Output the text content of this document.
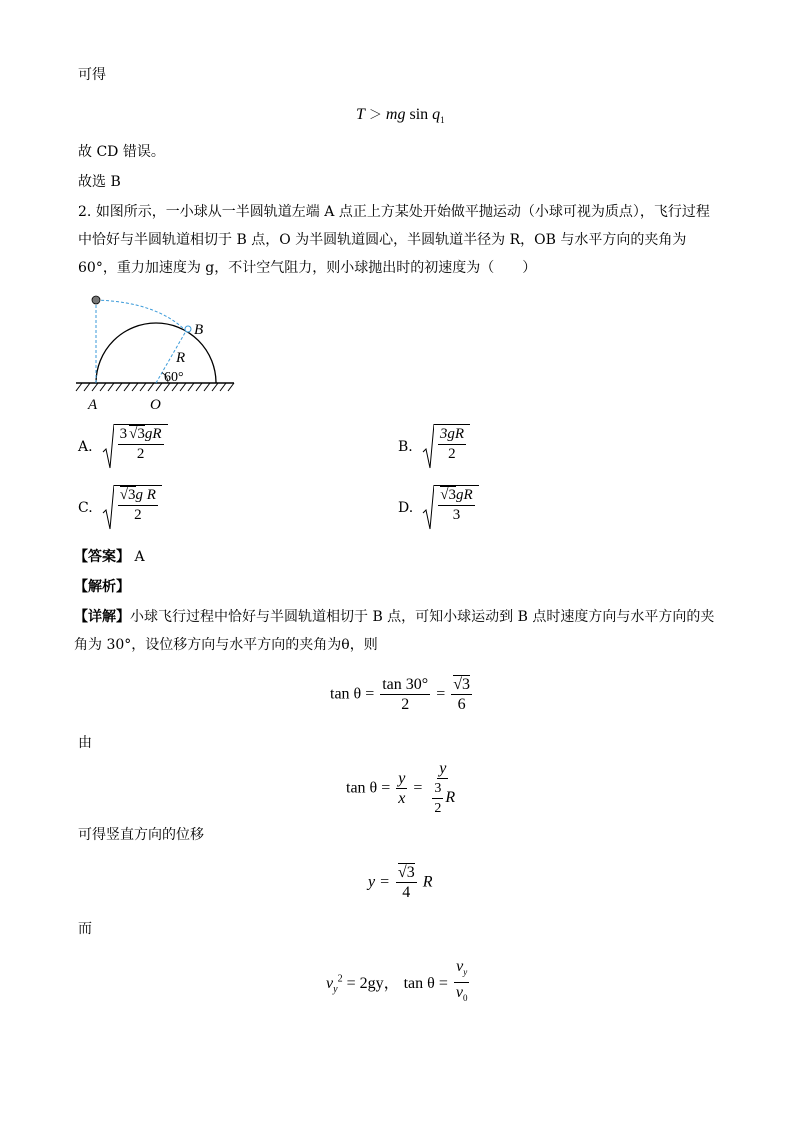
可得
T ＞ mg $\sin q_1$
故 CD 错误。
故选 B
2. 如图所示，一小球从一半圆轨道左端 A 点正上方某处开始做平抛运动（小球可视为质点），飞行过程中恰好与半圆轨道相切于 B 点，O 为半圆轨道圆心，半圆轨道半径为 R，OB 与水平方向的夹角为 60°，重力加速度为 g，不计空气阻力，则小球抛出时的初速度为（　　）
B
R
60°
A	O
A. $\frac{3 √3gR}{2}$	B. $\frac{3gR}{2}$
C. $\frac{\text{√3g R}}{2}$	D. $\frac{√3gR}{3}$
【答案】 A
【解析】
【详解】小球飞行过程中恰好与半圆轨道相切于 B 点，可知小球运动到 B 点时速度方向与水平方向的夹角为 30°，设位移方向与水平方向的夹角为θ，则
$\tan \theta = \frac{\tan 30^\circ}{2} = \frac{√3}{6}$
由
$\tan \theta = \frac{y}{x} = \frac{y}{\frac{3}{2} R}$
可得竖直方向的位移
$y = \frac{√3}{4}$ R
而
$v_y^2 = 2gy$， $\tan \theta = \frac{v_y}{v_0}$
